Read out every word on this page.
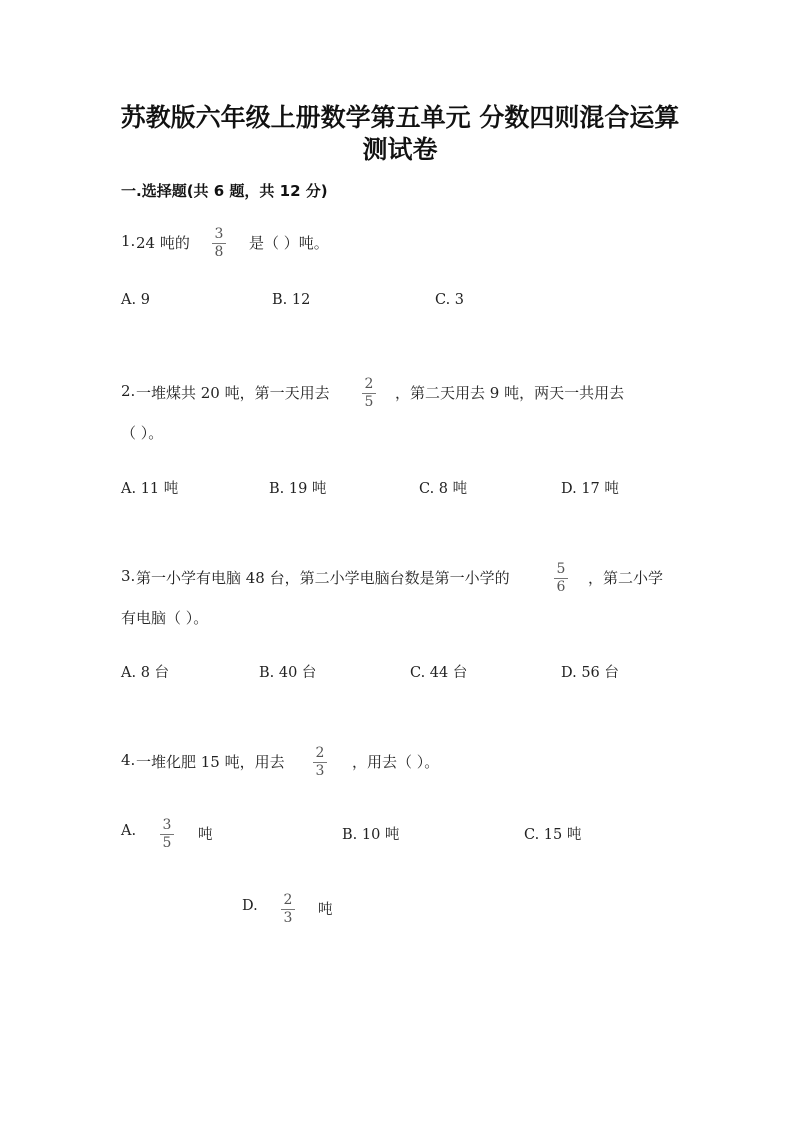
苏教版六年级上册数学第五单元 分数四则混合运算
测试卷
一.选择题(共 6 题，共 12 分)
1. 24 吨的 3
8 是（ ）吨。
A. 9	B. 12	C. 3
2. 一堆煤共 20 吨，第一天用去 2
5 ，第二天用去 9 吨，两天一共用去
（ ）。
A. 11 吨	B. 19 吨	C. 8 吨	D. 17 吨
3. 第一小学有电脑 48 台，第二小学电脑台数是第一小学的	5
6 ，第二小学
有电脑（ ）。
A. 8 台	B. 40 台	C. 44 台	D. 56 台
4. 一堆化肥 15 吨，用去 2
3 ，用去（ ）。
A. 3
5 吨	B. 10 吨	C. 15 吨
D. 2
3 吨
